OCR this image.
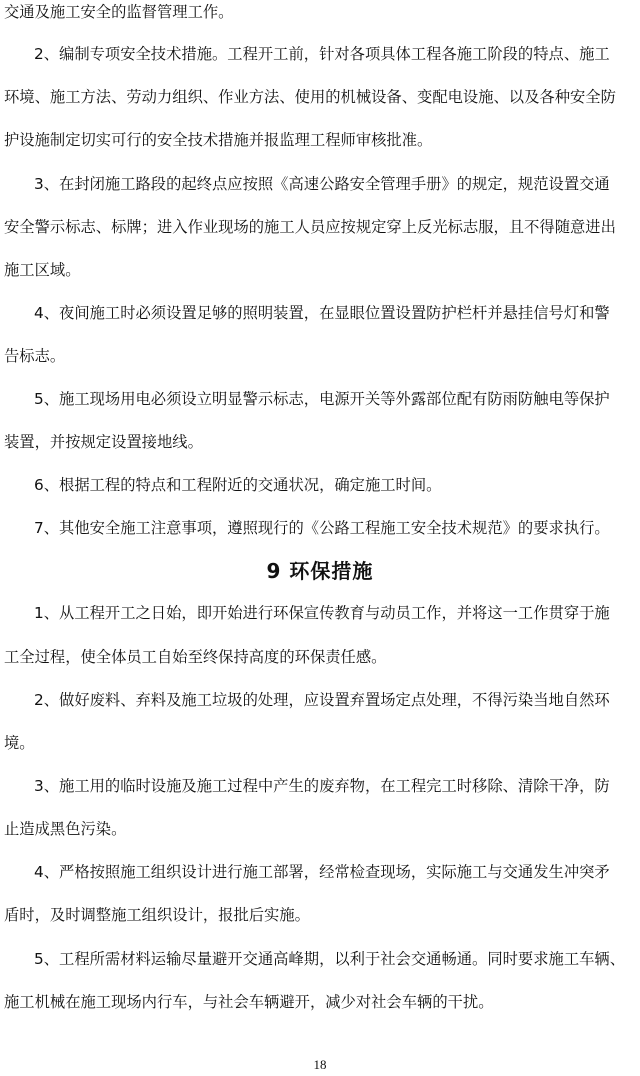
交通及施工安全的监督管理工作。
2、编制专项安全技术措施。工程开工前，针对各项具体工程各施工阶段的特点、施工
环境、施工方法、劳动力组织、作业方法、使用的机械设备、变配电设施、以及各种安全防
护设施制定切实可行的安全技术措施并报监理工程师审核批准。
3、在封闭施工路段的起终点应按照《高速公路安全管理手册》的规定，规范设置交通
安全警示标志、标牌；进入作业现场的施工人员应按规定穿上反光标志服，且不得随意进出
施工区域。
4、夜间施工时必须设置足够的照明装置，在显眼位置设置防护栏杆并悬挂信号灯和警
告标志。
5、施工现场用电必须设立明显警示标志，电源开关等外露部位配有防雨防触电等保护
装置，并按规定设置接地线。
6、根据工程的特点和工程附近的交通状况，确定施工时间。
7、其他安全施工注意事项，遵照现行的《公路工程施工安全技术规范》的要求执行。
9 环保措施
1、从工程开工之日始，即开始进行环保宣传教育与动员工作，并将这一工作贯穿于施
工全过程，使全体员工自始至终保持高度的环保责任感。
2、做好废料、弃料及施工垃圾的处理，应设置弃置场定点处理，不得污染当地自然环
境。
3、施工用的临时设施及施工过程中产生的废弃物，在工程完工时移除、清除干净，防
止造成黑色污染。
4、严格按照施工组织设计进行施工部署，经常检查现场，实际施工与交通发生冲突矛
盾时，及时调整施工组织设计，报批后实施。
5、工程所需材料运输尽量避开交通高峰期，以利于社会交通畅通。同时要求施工车辆、
施工机械在施工现场内行车，与社会车辆避开，减少对社会车辆的干扰。
18
